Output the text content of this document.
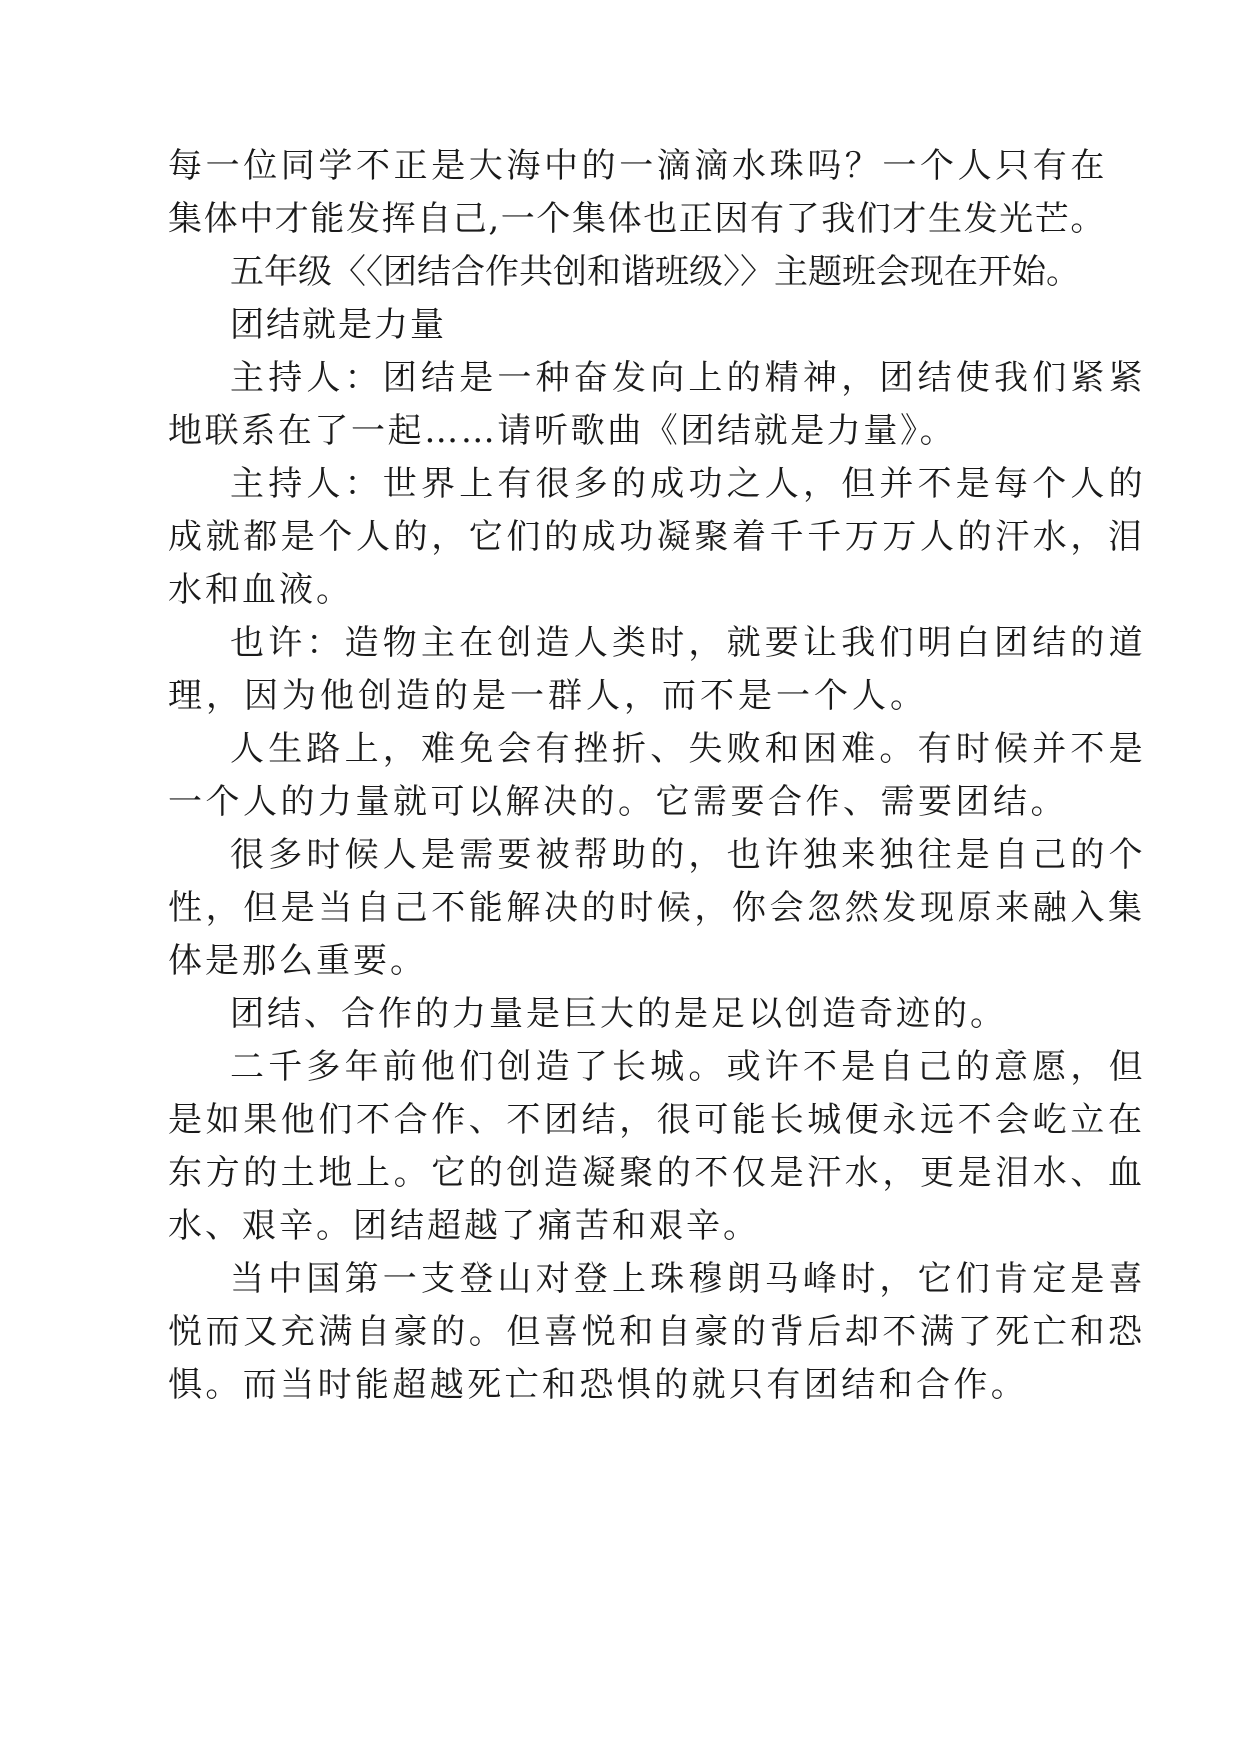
每一位同学不正是大海中的一滴滴水珠吗？一个人只有在
集体中才能发挥自己,一个集体也正因有了我们才生发光芒。
五年级〈〈团结合作共创和谐班级〉〉主题班会现在开始。
团结就是力量
主持人：团结是一种奋发向上的精神，团结使我们紧紧
地联系在了一起……请听歌曲《团结就是力量》。
主持人：世界上有很多的成功之人，但并不是每个人的
成就都是个人的，它们的成功凝聚着千千万万人的汗水，泪
水和血液。
也许：造物主在创造人类时，就要让我们明白团结的道
理，因为他创造的是一群人，而不是一个人。
人生路上，难免会有挫折、失败和困难。有时候并不是
一个人的力量就可以解决的。它需要合作、需要团结。
很多时候人是需要被帮助的，也许独来独往是自己的个
性，但是当自己不能解决的时候，你会忽然发现原来融入集
体是那么重要。
团结、合作的力量是巨大的是足以创造奇迹的。
二千多年前他们创造了长城。或许不是自己的意愿，但
是如果他们不合作、不团结，很可能长城便永远不会屹立在
东方的土地上。它的创造凝聚的不仅是汗水，更是泪水、血
水、艰辛。团结超越了痛苦和艰辛。
当中国第一支登山对登上珠穆朗马峰时，它们肯定是喜
悦而又充满自豪的。但喜悦和自豪的背后却不满了死亡和恐
惧。而当时能超越死亡和恐惧的就只有团结和合作。
